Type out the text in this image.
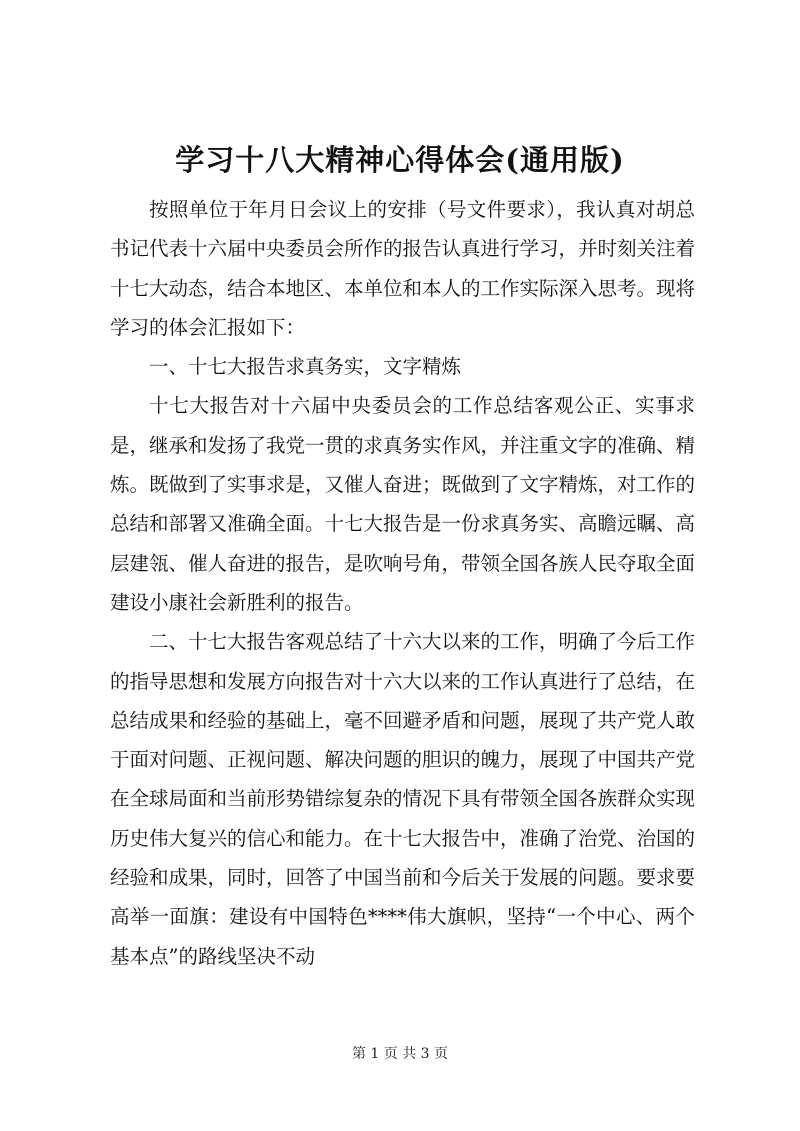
学习十八大精神心得体会(通用版)

按照单位于年月日会议上的安排（号文件要求），我认真对胡总书记代表十六届中央委员会所作的报告认真进行学习，并时刻关注着十七大动态，结合本地区、本单位和本人的工作实际深入思考。现将学习的体会汇报如下：

一、十七大报告求真务实，文字精炼

十七大报告对十六届中央委员会的工作总结客观公正、实事求是，继承和发扬了我党一贯的求真务实作风，并注重文字的准确、精炼。既做到了实事求是，又催人奋进；既做到了文字精炼，对工作的总结和部署又准确全面。十七大报告是一份求真务实、高瞻远瞩、高层建瓴、催人奋进的报告，是吹响号角，带领全国各族人民夺取全面建设小康社会新胜利的报告。

二、十七大报告客观总结了十六大以来的工作，明确了今后工作的指导思想和发展方向报告对十六大以来的工作认真进行了总结，在总结成果和经验的基础上，毫不回避矛盾和问题，展现了共产党人敢于面对问题、正视问题、解决问题的胆识的魄力，展现了中国共产党在全球局面和当前形势错综复杂的情况下具有带领全国各族群众实现历史伟大复兴的信心和能力。在十七大报告中，准确了治党、治国的经验和成果，同时，回答了中国当前和今后关于发展的问题。要求要高举一面旗：建设有中国特色****伟大旗帜，坚持“一个中心、两个基本点”的路线坚决不动

第 1 页 共 3 页
